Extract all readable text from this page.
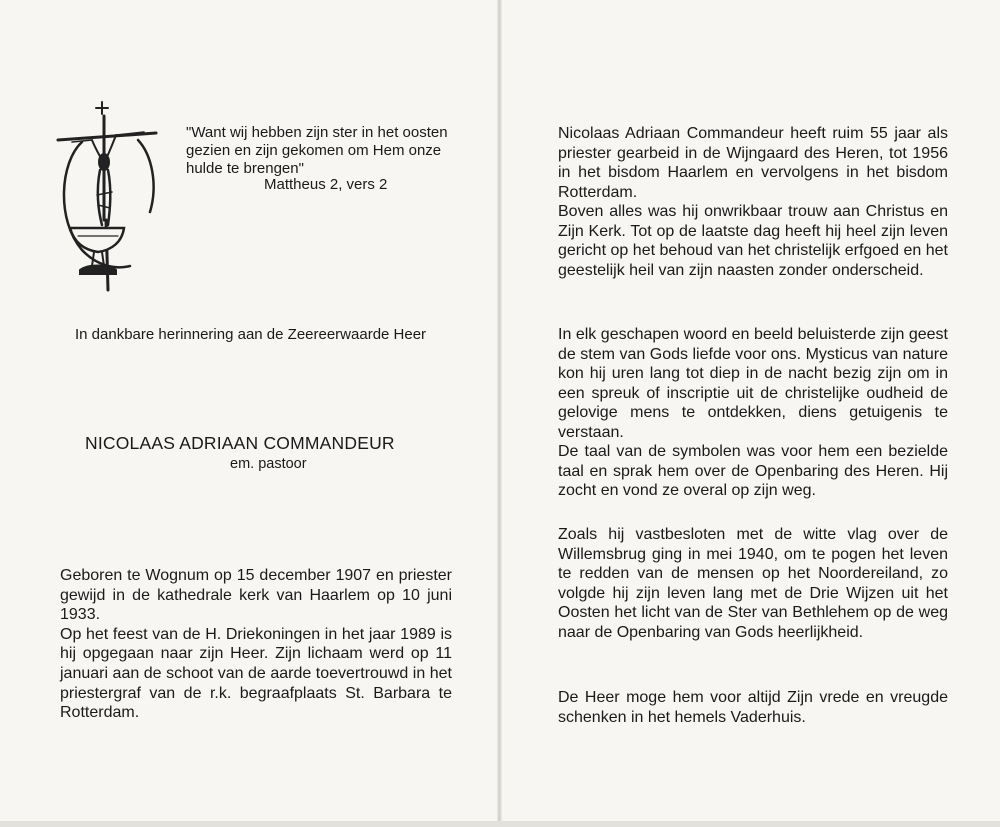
"Want wij hebben zijn ster in het oosten gezien en zijn gekomen om Hem onze hulde te brengen"
Mattheus 2, vers 2
In dankbare herinnering aan de Zeereerwaarde Heer
NICOLAAS ADRIAAN COMMANDEUR
em. pastoor

Geboren te Wognum op 15 december 1907 en priester gewijd in de kathedrale kerk van Haarlem op 10 juni 1933.

Op het feest van de H. Driekoningen in het jaar 1989 is hij opgegaan naar zijn Heer. Zijn lichaam werd op 11 januari aan de schoot van de aarde toevertrouwd in het priestergraf van de r.k. begraafplaats St. Barbara te Rotterdam.

Nicolaas Adriaan Commandeur heeft ruim 55 jaar als priester gearbeid in de Wijngaard des Heren, tot 1956 in het bisdom Haarlem en vervolgens in het bisdom Rotterdam.

Boven alles was hij onwrikbaar trouw aan Christus en Zijn Kerk. Tot op de laatste dag heeft hij heel zijn leven gericht op het behoud van het christelijk erfgoed en het geestelijk heil van zijn naasten zonder onderscheid.

In elk geschapen woord en beeld beluisterde zijn geest de stem van Gods liefde voor ons. Mysticus van nature kon hij uren lang tot diep in de nacht bezig zijn om in een spreuk of inscriptie uit de christelijke oudheid de gelovige mens te ontdekken, diens getuigenis te verstaan.

De taal van de symbolen was voor hem een bezielde taal en sprak hem over de Openbaring des Heren. Hij zocht en vond ze overal op zijn weg.

Zoals hij vastbesloten met de witte vlag over de Willemsbrug ging in mei 1940, om te pogen het leven te redden van de mensen op het Noordereiland, zo volgde hij zijn leven lang met de Drie Wijzen uit het Oosten het licht van de Ster van Bethlehem op de weg naar de Openbaring van Gods heerlijkheid.

De Heer moge hem voor altijd Zijn vrede en vreugde schenken in het hemels Vaderhuis.
